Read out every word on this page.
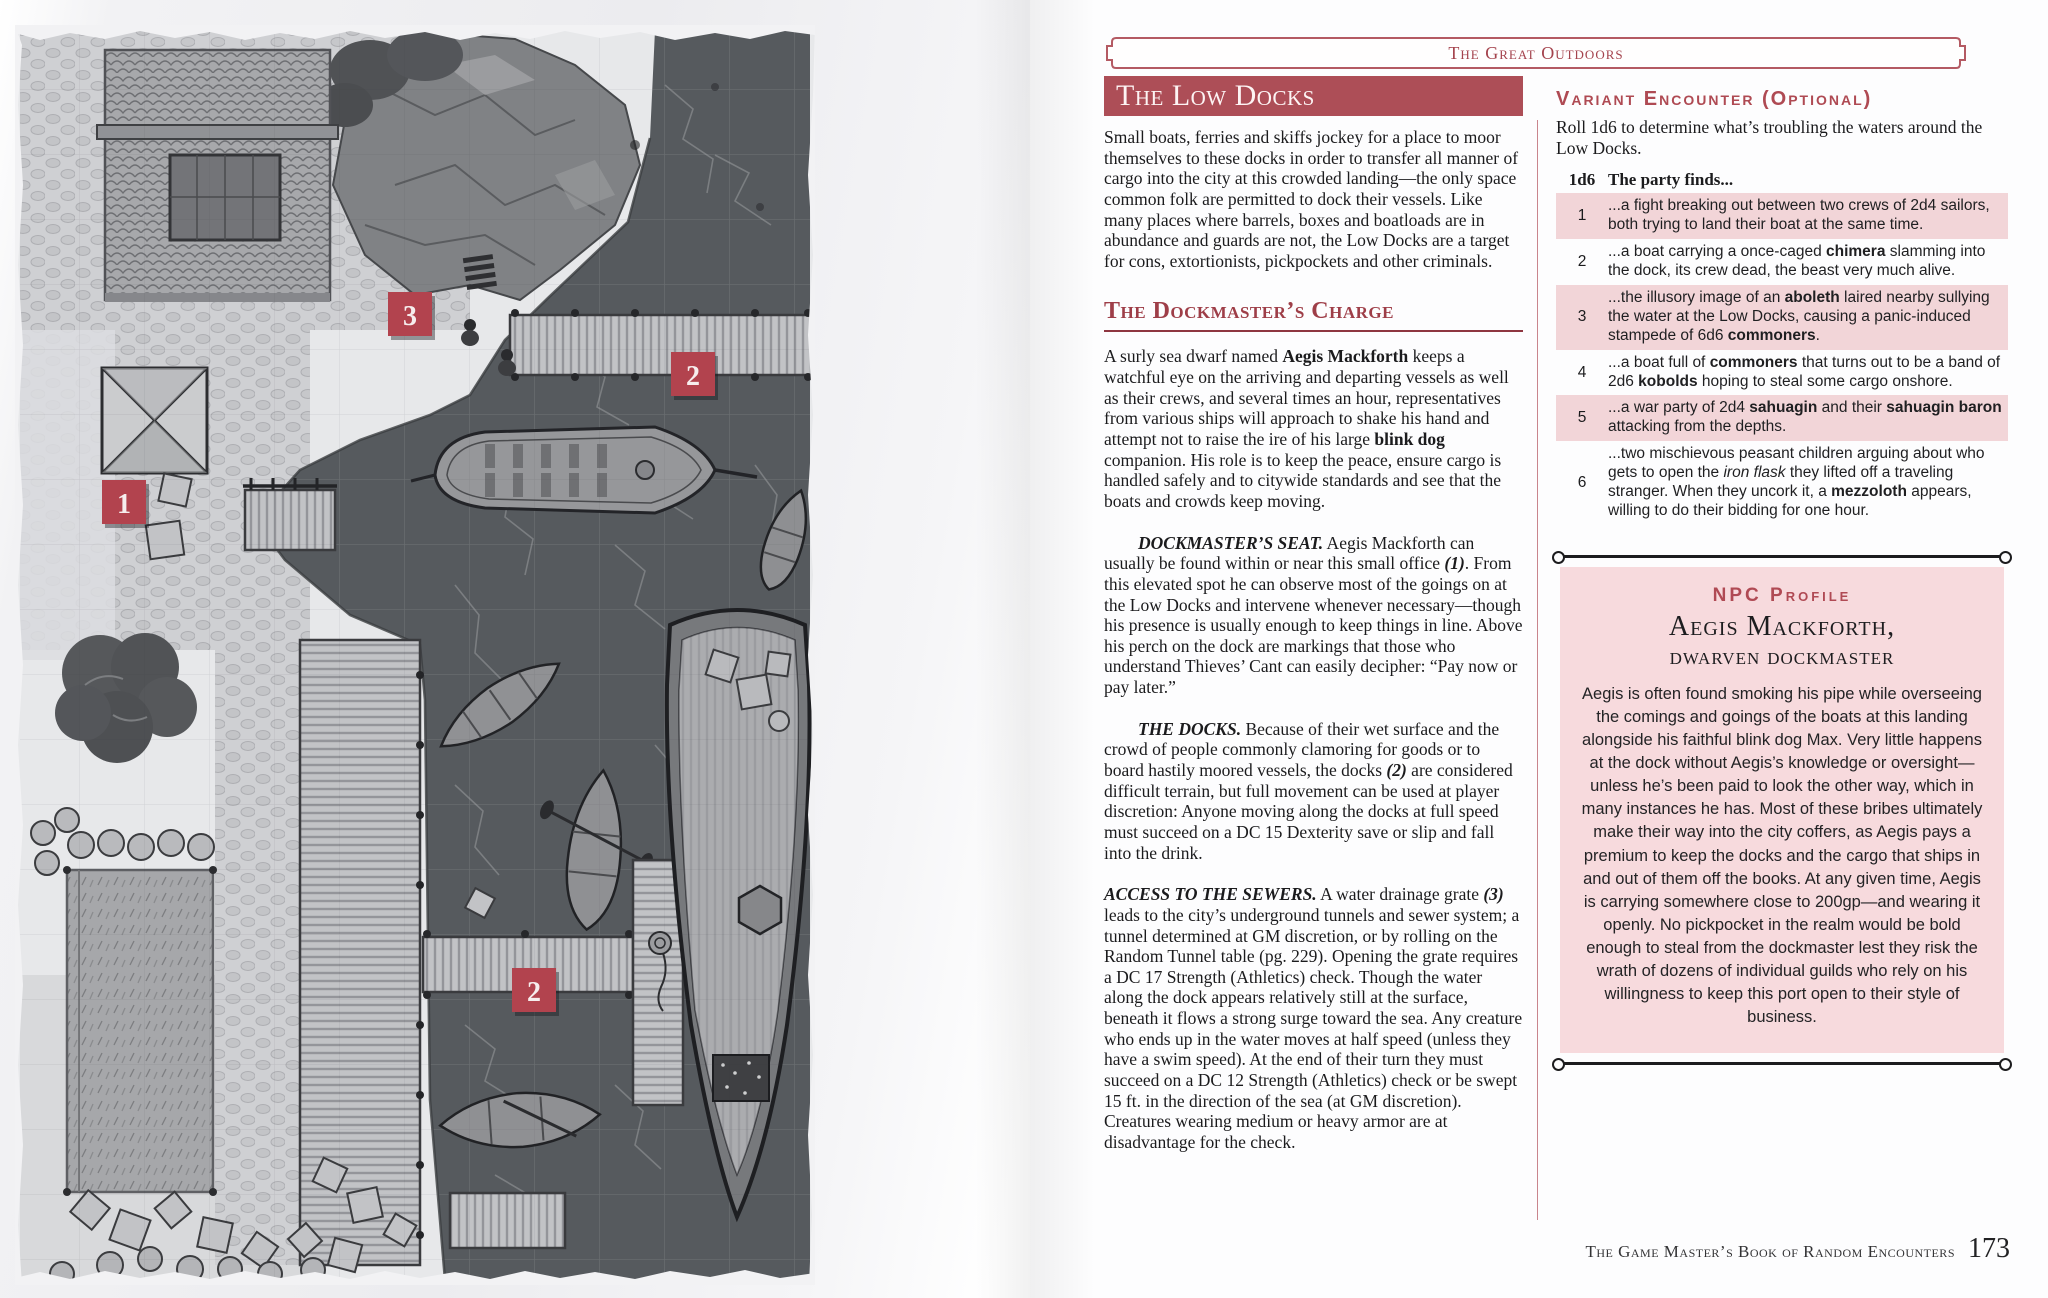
1
2
3
2
The Great Outdoors
The Low Docks

Small boats, ferries and skiffs jockey for a place to moor themselves to these docks in order to transfer all manner of cargo into the city at this crowded landing—the only space common folk are permitted to dock their vessels. Like many places where barrels, boxes and boatloads are in abundance and guards are not, the Low Docks are a target for cons, extortionists, pickpockets and other criminals.

The Dockmaster’s Charge

A surly sea dwarf named Aegis Mackforth keeps a watchful eye on the arriving and departing vessels as well as their crews, and several times an hour, representatives from various ships will approach to shake his hand and attempt not to raise the ire of his large blink dog companion. His role is to keep the peace, ensure cargo is handled safely and to citywide standards and see that the boats and crowds keep moving.

DOCKMASTER’S SEAT. Aegis Mackforth can usually be found within or near this small office (1). From this elevated spot he can observe most of the goings on at the Low Docks and intervene whenever necessary—though his presence is usually enough to keep things in line. Above his perch on the dock are markings that those who understand Thieves’ Cant can easily decipher: “Pay now or pay later.”

THE DOCKS. Because of their wet surface and the crowd of people commonly clamoring for goods or to board hastily moored vessels, the docks (2) are considered difficult terrain, but full movement can be used at player discretion: Anyone moving along the docks at full speed must succeed on a DC 15 Dexterity save or slip and fall into the drink.

ACCESS TO THE SEWERS. A water drainage grate (3) leads to the city’s underground tunnels and sewer system; a tunnel determined at GM discretion, or by rolling on the Random Tunnel table (pg. 229). Opening the grate requires a DC 17 Strength (Athletics) check. Though the water along the dock appears relatively still at the surface, beneath it flows a strong surge toward the sea. Any creature who ends up in the water moves at half speed (unless they have a swim speed). At the end of their turn they must succeed on a DC 12 Strength (Athletics) check or be swept 15 ft. in the direction of the sea (at GM discretion). Creatures wearing medium or heavy armor are at disadvantage for the check.

Variant Encounter (Optional)

Roll 1d6 to determine what’s troubling the waters around the Low Docks.

1d6 The party finds...
1
...a fight breaking out between two crews of 2d4 sailors, both trying to land their boat at the same time.
2
...a boat carrying a once-caged chimera slamming into the dock, its crew dead, the beast very much alive.
3
...the illusory image of an aboleth laired nearby sullying the water at the Low Docks, causing a panic-induced stampede of 6d6 commoners.
4
...a boat full of commoners that turns out to be a band of 2d6 kobolds hoping to steal some cargo onshore.
5
...a war party of 2d4 sahuagin and their sahuagin baron attacking from the depths.
6
...two mischievous peasant children arguing about who gets to open the iron flask they lifted off a traveling stranger. When they uncork it, a mezzoloth appears, willing to do their bidding for one hour.
NPC Profile
Aegis Mackforth,
dwarven dockmaster
Aegis is often found smoking his pipe while overseeing the comings and goings of the boats at this landing alongside his faithful blink dog Max. Very little happens at the dock without Aegis’s knowledge or oversight—unless he’s been paid to look the other way, which in many instances he has. Most of these bribes ultimately make their way into the city coffers, as Aegis pays a premium to keep the docks and the cargo that ships in and out of them off the books. At any given time, Aegis is carrying somewhere close to 200gp—and wearing it openly. No pickpocket in the realm would be bold enough to steal from the dockmaster lest they risk the wrath of dozens of individual guilds who rely on his willingness to keep this port open to their style of business.
The Game Master’s Book of Random Encounters 173
